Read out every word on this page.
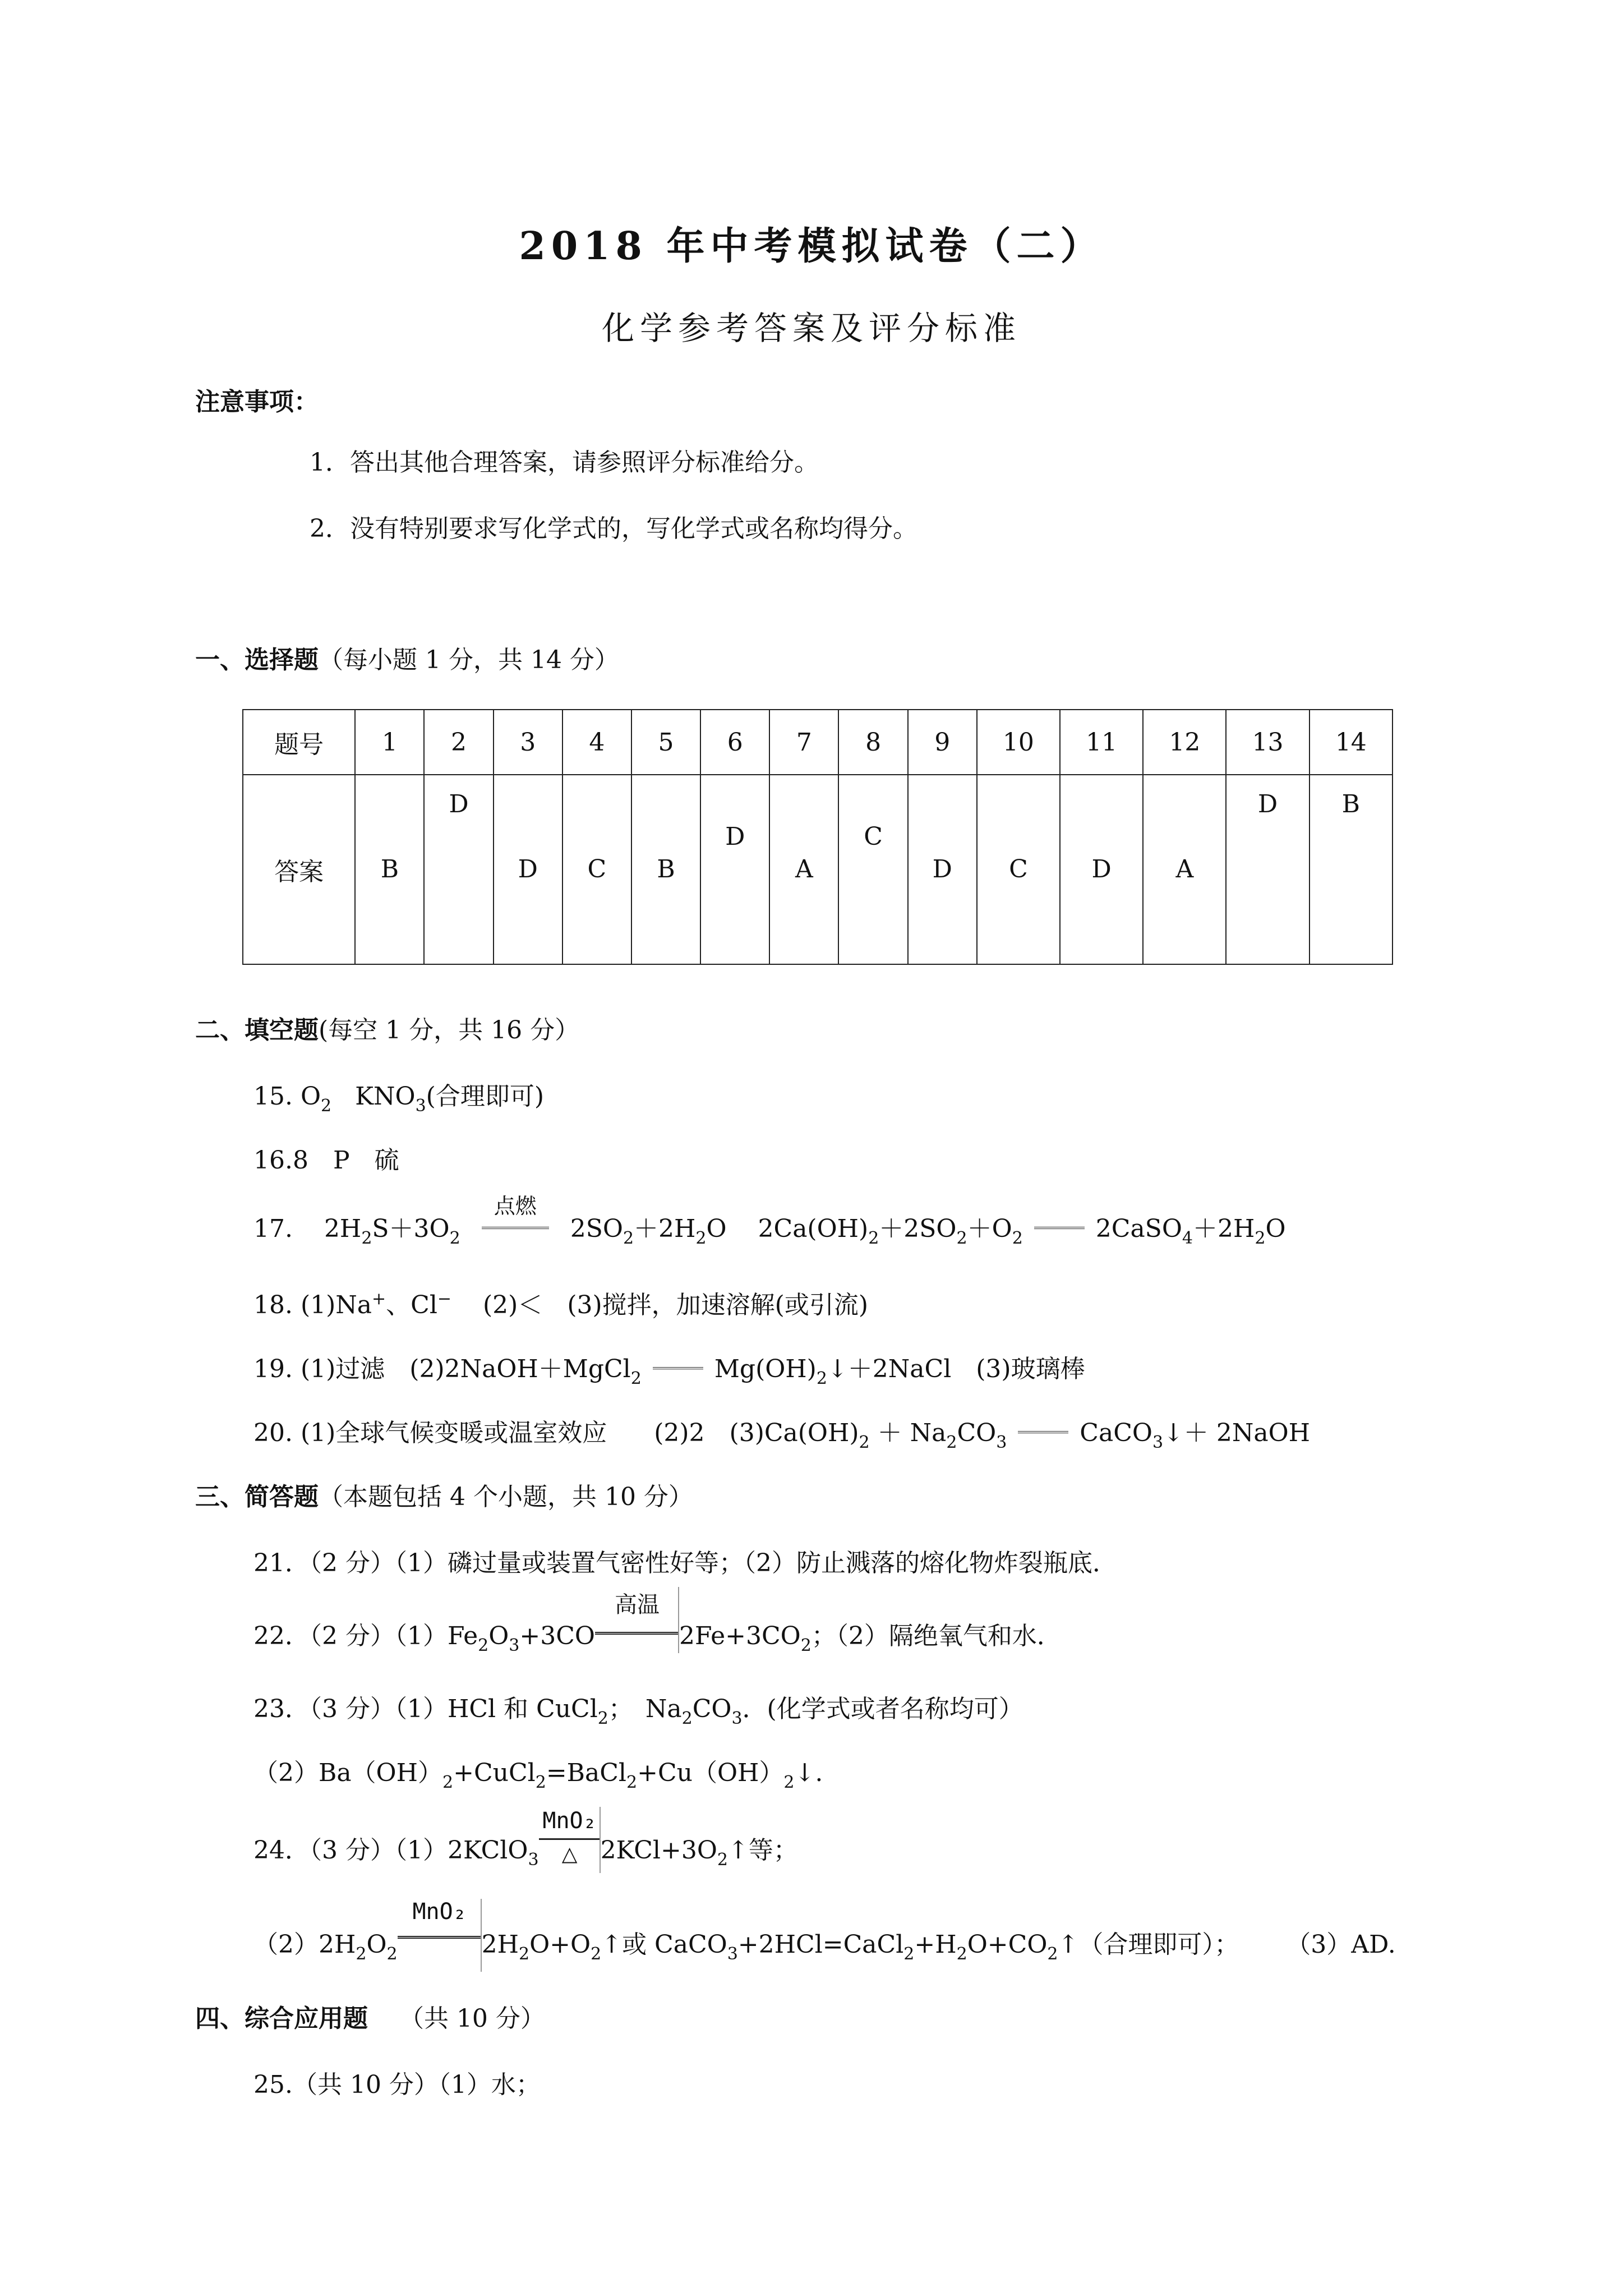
2018 年中考模拟试卷（二）
化学参考答案及评分标准
注意事项：
1．答出其他合理答案，请参照评分标准给分。
2．没有特别要求写化学式的，写化学式或名称均得分。
一、选择题（每小题 1 分，共 14 分）
题号	1	2	3	4	5	6	7	8	9	10	11	12	13	14
答案	B	D	D	C	B	D	A	C	D	C	D	A	D	B
二、填空题(每空 1 分，共 16 分）
15. $O_2$ $KNO_3$(合理即可)
16.8　P　硫
17. $2H_2S+3O_2$
点燃
$2SO_2+2H_2O$ $2Ca(OH)_2+2SO_2+O_2$	$2CaSO_4+2H_2O$
18. (1)Na+、Cl− (2)＜　(3)搅拌，加速溶解(或引流)
19. (1)过滤　(2)2NaOH＋MgCl$_2$	$Mg(OH)_2↓+2NaCl$　(3)玻璃棒
20. (1)全球气候变暖或温室效应 (2)2　$(3)Ca(OH)_2 + Na_2CO_3$	CaCO$_3$↓＋ 2NaOH
三、简答题（本题包括 4 个小题，共 10 分）
21．（2 分）（1）磷过量或装置气密性好等；（2）防止溅落的熔化物炸裂瓶底．
22．（2 分）$(1)Fe_2O_3+3CO$
高温
$2Fe+3CO_2$；（2）隔绝氧气和水．
23．（3 分）（1）HCl 和 CuCl$_2$；　$Na_2CO_3$．(化学式或者名称均可）
$(2)Ba(OH)_2+CuCl_2=BaCl_2+Cu(OH)_2↓$.
24．（3 分）（1）2KClO$_3$
MnO₂
△ $2KCl+3O_2↑$等；
$(2)2H_2O_2$
MnO₂
$2H_2O+O_2↑$或 $CaCO_3+2HCl=CaCl_2+H_2O+CO_2↑$（合理即可）； （3）AD.
四、综合应用题 （共 10 分）
25.（共 10 分）（1）水；
